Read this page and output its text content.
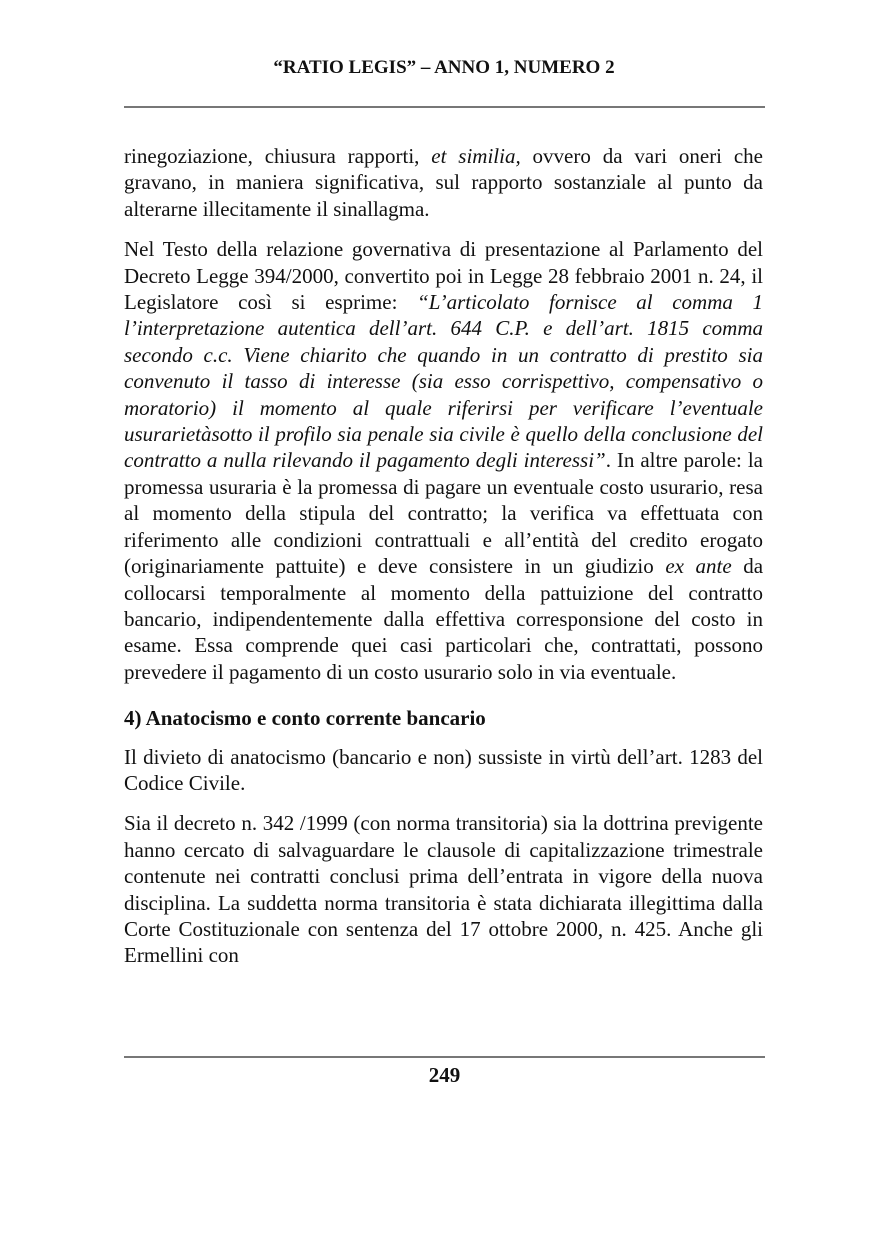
“RATIO LEGIS” – ANNO 1, NUMERO 2

rinegoziazione, chiusura rapporti, et similia, ovvero da vari oneri che gravano, in maniera significativa, sul rapporto sostanziale al punto da alterarne illecitamente il sinallagma.

Nel Testo della relazione governativa di presentazione al Parlamento del Decreto Legge 394/2000, convertito poi in Legge 28 febbraio 2001 n. 24, il Legislatore così si esprime: “L’articolato fornisce al comma 1 l’interpretazione autentica dell’art. 644 C.P. e dell’art. 1815 comma secondo c.c. Viene chiarito che quando in un contratto di prestito sia convenuto il tasso di interesse (sia esso corrispettivo, compensativo o moratorio) il momento al quale riferirsi per verificare l’eventuale usurarietàsotto il profilo sia penale sia civile è quello della conclusione del contratto a nulla rilevando il pagamento degli interessi”. In altre parole: la promessa usuraria è la promessa di pagare un eventuale costo usurario, resa al momento della stipula del contratto; la verifica va effettuata con riferimento alle condizioni contrattuali e all’entità del credito erogato (originariamente pattuite) e deve consistere in un giudizio ex ante da collocarsi temporalmente al momento della pattuizione del contratto bancario, indipendentemente dalla effettiva corresponsione del costo in esame. Essa comprende quei casi particolari che, contrattati, possono prevedere il pagamento di un costo usurario solo in via eventuale.

4) Anatocismo e conto corrente bancario

Il divieto di anatocismo (bancario e non) sussiste in virtù dell’art. 1283 del Codice Civile.

Sia il decreto n. 342 /1999 (con norma transitoria) sia la dottrina previgente hanno cercato di salvaguardare le clausole di capitalizzazione trimestrale contenute nei contratti conclusi prima dell’entrata in vigore della nuova disciplina. La suddetta norma transitoria è stata dichiarata illegittima dalla Corte Costituzionale con sentenza del 17 ottobre 2000, n. 425. Anche gli Ermellini con

249
